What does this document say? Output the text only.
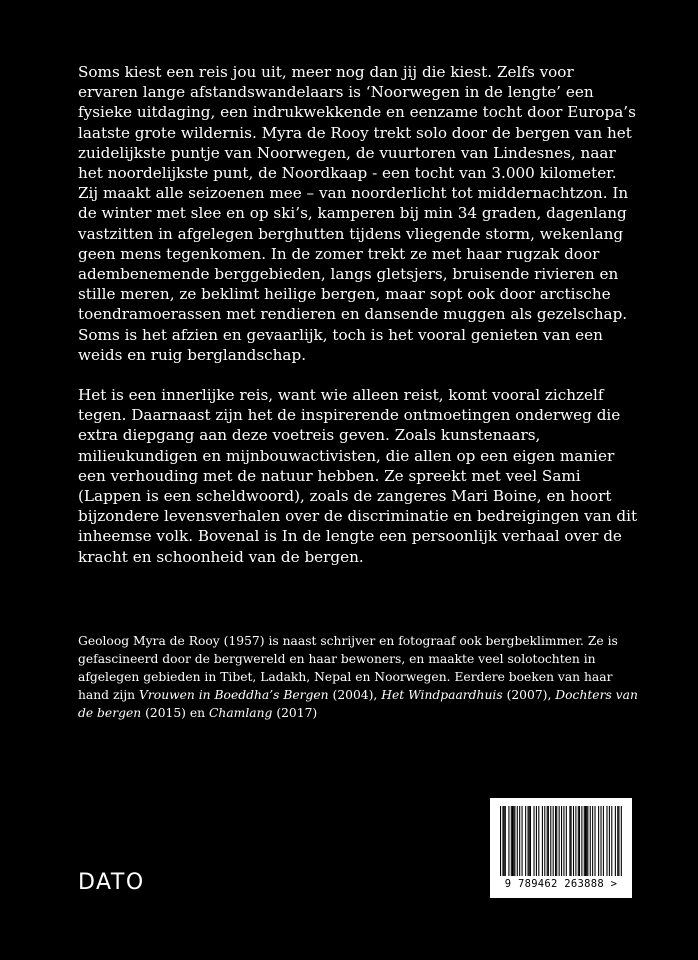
Soms kiest een reis jou uit, meer nog dan jij die kiest. Zelfs voor ervaren lange afstandswandelaars is ‘Noorwegen in de lengte’ een fysieke uitdaging, een indrukwekkende en eenzame tocht door Europa’s laatste grote wildernis. Myra de Rooy trekt solo door de bergen van het zuidelijkste puntje van Noorwegen, de vuurtoren van Lindesnes, naar het noordelijkste punt, de Noordkaap - een tocht van 3.000 kilometer. Zij maakt alle seizoenen mee – van noorderlicht tot middernachtzon. In de winter met slee en op ski’s, kamperen bij min 34 graden, dagenlang vastzitten in afgelegen berghutten tijdens vliegende storm, wekenlang geen mens tegenkomen. In de zomer trekt ze met haar rugzak door adembenemende berggebieden, langs gletsjers, bruisende rivieren en stille meren, ze beklimt heilige bergen, maar sopt ook door arctische toendramoerassen met rendieren en dansende muggen als gezelschap. Soms is het afzien en gevaarlijk, toch is het vooral genieten van een weids en ruig berglandschap.

Het is een innerlijke reis, want wie alleen reist, komt vooral zichzelf tegen. Daarnaast zijn het de inspirerende ontmoetingen onderweg die extra diepgang aan deze voetreis geven. Zoals kunstenaars, milieukundigen en mijnbouwactivisten, die allen op een eigen manier een verhouding met de natuur hebben. Ze spreekt met veel Sami (Lappen is een scheldwoord), zoals de zangeres Mari Boine, en hoort bijzondere levensverhalen over de discriminatie en bedreigingen van dit inheemse volk. Bovenal is In de lengte een persoonlijk verhaal over de kracht en schoonheid van de bergen.

Geoloog Myra de Rooy (1957) is naast schrijver en fotograaf ook bergbeklimmer. Ze is gefascineerd door de bergwereld en haar bewoners, en maakte veel solotochten in afgelegen gebieden in Tibet, Ladakh, Nepal en Noorwegen. Eerdere boeken van haar hand zijn Vrouwen in Boeddha’s Bergen (2004), Het Windpaardhuis (2007), Dochters van de bergen (2015) en Chamlang (2017)
DATO	9 789462 263888 >
